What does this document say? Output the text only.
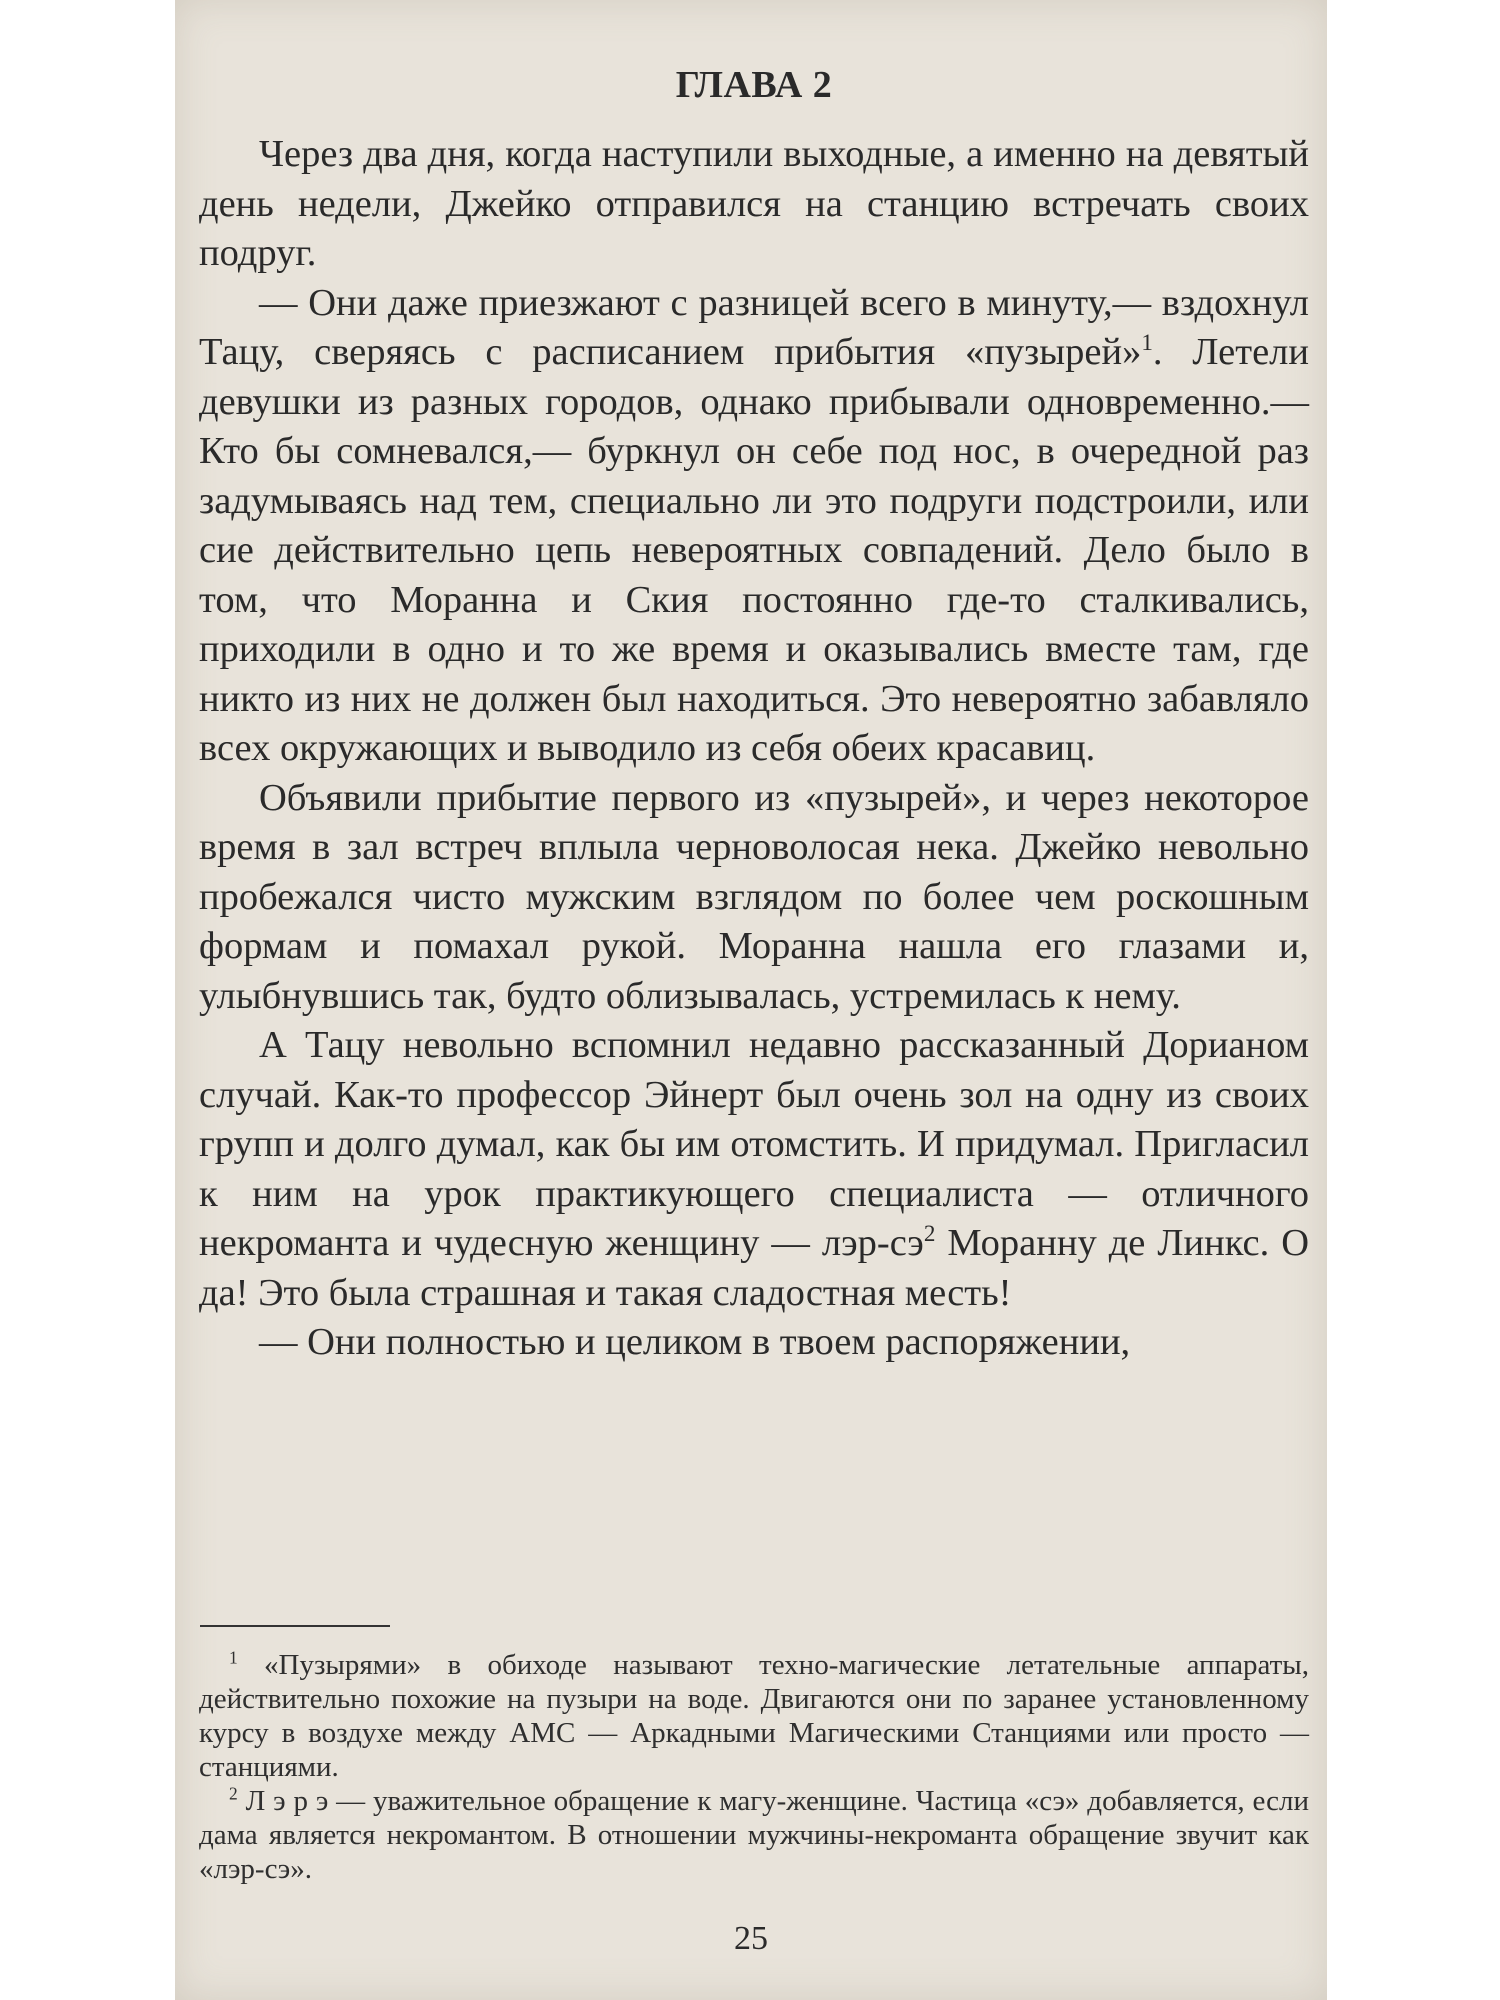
ГЛАВА 2

Через два дня, когда наступили выходные, а именно на девятый день недели, Джейко отправился на станцию встречать своих подруг.

— Они даже приезжают с разницей всего в минуту,— вздохнул Тацу, сверяясь с расписанием прибытия «пузырей»$^1$. Летели девушки из разных городов, однако прибывали одновременно.— Кто бы сомневался,— буркнул он себе под нос, в очередной раз задумываясь над тем, специально ли это подруги подстроили, или сие действительно цепь невероятных совпадений. Дело было в том, что Моранна и Ския постоянно где-то сталкивались, приходили в одно и то же время и оказывались вместе там, где никто из них не должен был находиться. Это невероятно забавляло всех окружающих и выводило из себя обеих красавиц.

Объявили прибытие первого из «пузырей», и через некоторое время в зал встреч вплыла черноволосая нека. Джейко невольно пробежался чисто мужским взглядом по более чем роскошным формам и помахал рукой. Моранна нашла его глазами и, улыбнувшись так, будто облизывалась, устремилась к нему.

А Тацу невольно вспомнил недавно рассказанный Дорианом случай. Как-то профессор Эйнерт был очень зол на одну из своих групп и долго думал, как бы им отомстить. И придумал. Пригласил к ним на урок практикующего специалиста — отличного некроманта и чудесную женщину — лэр-$сэ^2$ Моранну де Линкс. О да! Это была страшная и такая сладостная месть!

— Они полностью и целиком в твоем распоряжении,

$^1$ «Пузырями» в обиходе называют техно-магические летательные аппараты, действительно похожие на пузыри на воде. Двигаются они по заранее установленному курсу в воздухе между АМС — Аркадными Магическими Станциями или просто — станциями.

$^2$ Л э р э — уважительное обращение к магу-женщине. Частица «сэ» добавляется, если дама является некромантом. В отношении мужчины-некроманта обращение звучит как «лэр-сэ».

25
